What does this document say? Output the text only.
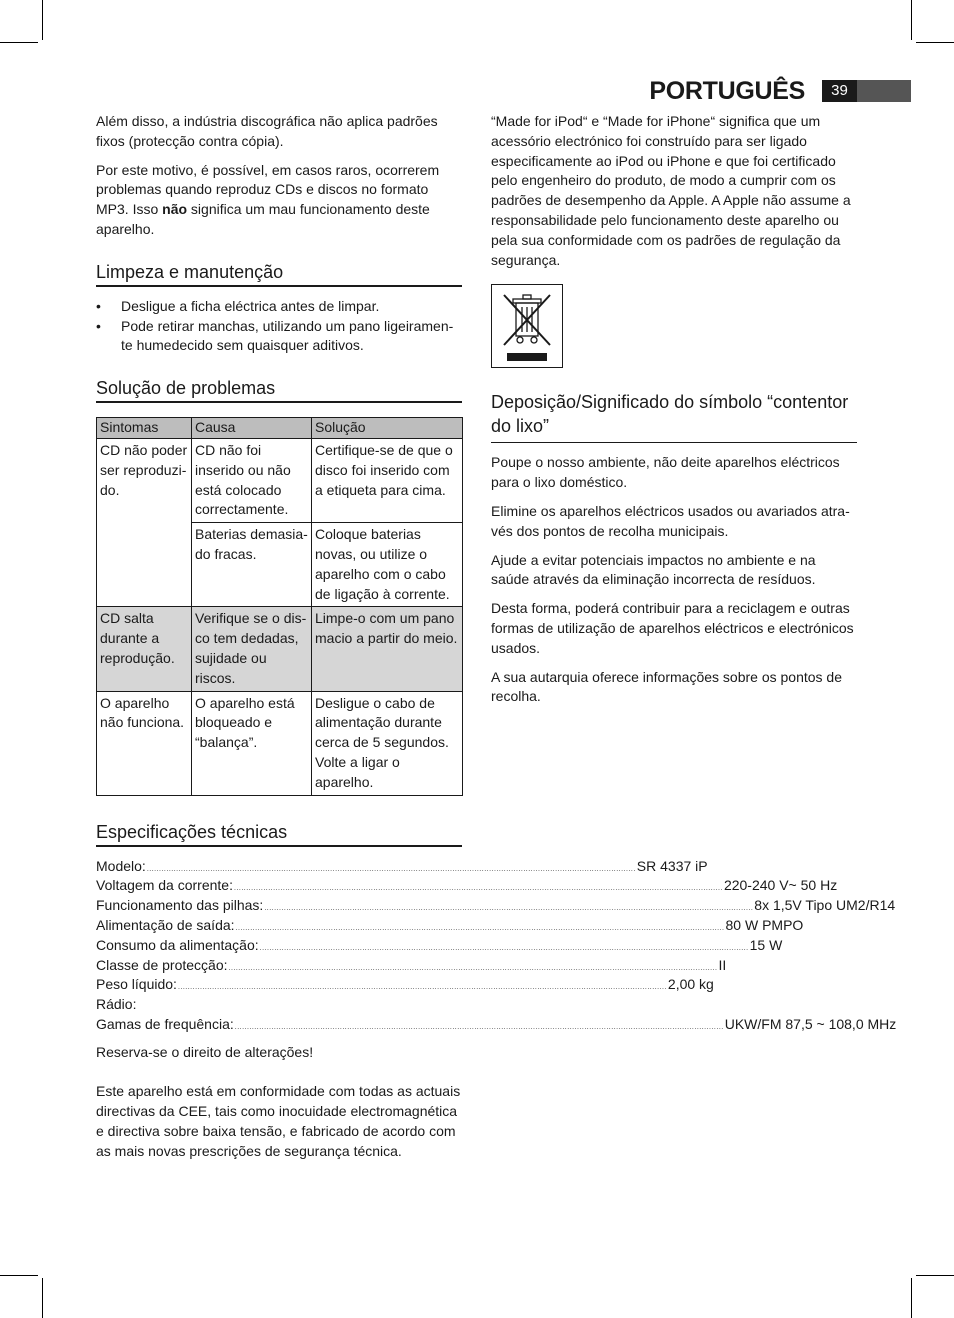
PORTUGUÊS	39

Além disso, a indústria discográfica não aplica padrões fixos (protecção contra cópia).

Por este motivo, é possível, em casos raros, ocorrerem problemas quando reproduz CDs e discos no formato MP3. Isso não significa um mau funcionamento deste aparelho.

Limpeza e manutenção
• Desligue a ficha eléctrica antes de limpar.
• Pode retirar manchas, utilizando um pano ligeiramen-te humedecido sem quaisquer aditivos.
Solução de problemas
Sintomas	Causa	Solução
CD não poder ser reproduzi-do.	CD não foi inserido ou não está colocado correctamente.	Certifique-se de que o disco foi inserido com a etiqueta para cima.
	Baterias demasia-do fracas.	Coloque baterias novas, ou utilize o aparelho com o cabo de ligação à corrente.
CD salta durante a reprodução.	Verifique se o dis-co tem dedadas, sujidade ou riscos.	Limpe-o com um pano macio a partir do meio.
O aparelho não funciona.	O aparelho está bloqueado e “balança”.	Desligue o cabo de alimentação durante cerca de 5 segundos. Volte a ligar o aparelho.
Especificações técnicas
Modelo: ........................................................................................................................................................................................................ SR 4337 iP
Voltagem da corrente: ........................................................................................................................................................................................................ 220-240 V~ 50 Hz
Funcionamento das pilhas: ........................................................................................................................................................................................................ 8x 1,5V Tipo UM2/R14
Alimentação de saída: ........................................................................................................................................................................................................ 80 W PMPO
Consumo da alimentação: ........................................................................................................................................................................................................ 15 W
Classe de protecção: ........................................................................................................................................................................................................ II
Peso líquido: ........................................................................................................................................................................................................ 2,00 kg
Rádio:
Gamas de frequência: ........................................................................................................................................................................................................ UKW/FM 87,5 ~ 108,0 MHz

Reserva-se o direito de alterações!

Este aparelho está em conformidade com todas as actuais directivas da CEE, tais como inocuidade electromagnética e directiva sobre baixa tensão, e fabricado de acordo com as mais novas prescrições de segurança técnica.

“Made for iPod“ e “Made for iPhone“ significa que um acessório electrónico foi construído para ser ligado especificamente ao iPod ou iPhone e que foi certificado pelo engenheiro do produto, de modo a cumprir com os padrões de desempenho da Apple. A Apple não assume a responsabilidade pelo funcionamento deste aparelho ou pela sua conformidade com os padrões de regulação da segurança.

Deposição/Significado do símbolo “contentor do lixo”

Poupe o nosso ambiente, não deite aparelhos eléctricos para o lixo doméstico.

Elimine os aparelhos eléctricos usados ou avariados atra-vés dos pontos de recolha municipais.

Ajude a evitar potenciais impactos no ambiente e na saúde através da eliminação incorrecta de resíduos.

Desta forma, poderá contribuir para a reciclagem e outras formas de utilização de aparelhos eléctricos e electrónicos usados.

A sua autarquia oferece informações sobre os pontos de recolha.
